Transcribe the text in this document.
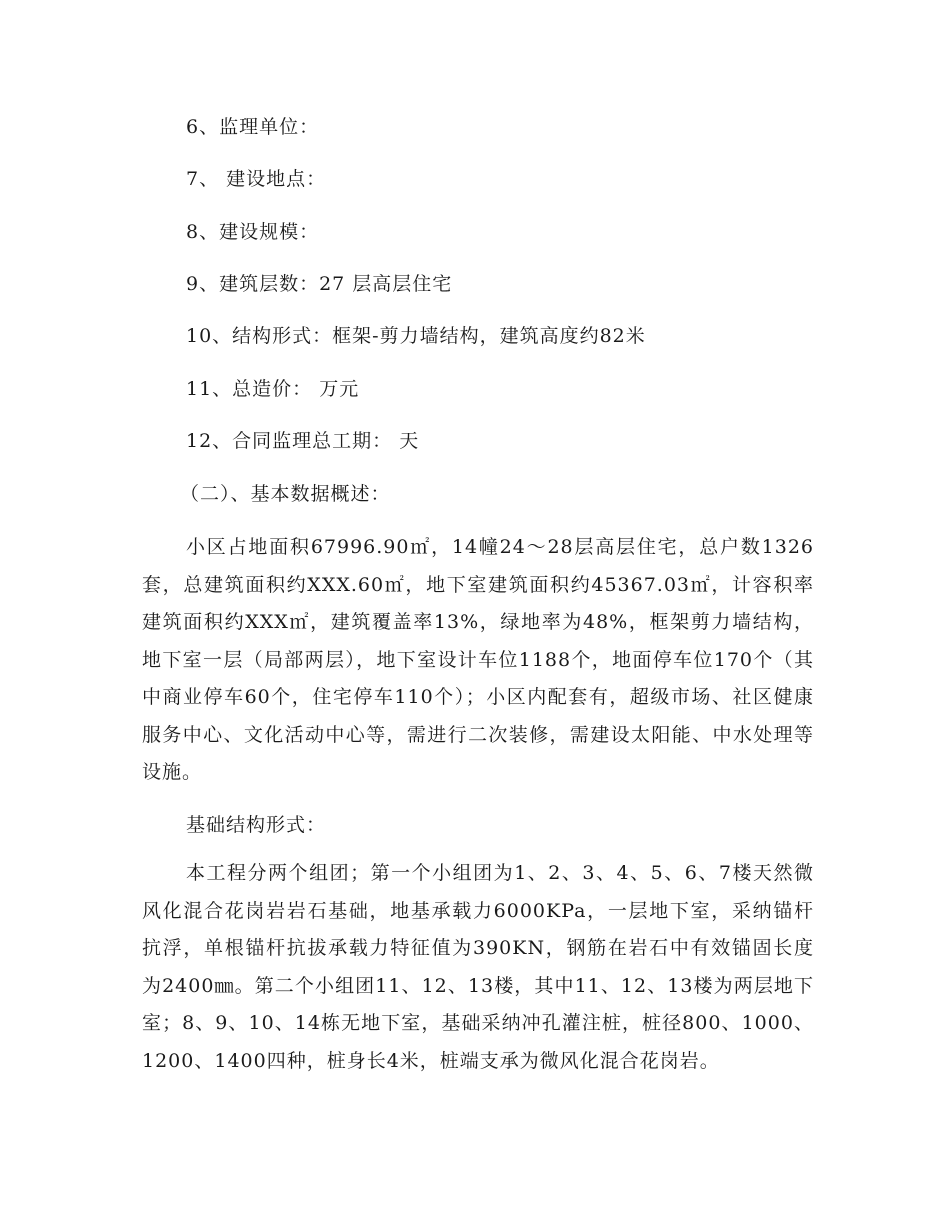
6、监理单位：
7、 建设地点：
8、建设规模：
9、建筑层数：27 层高层住宅
10、结构形式：框架-剪力墙结构，建筑高度约82米
11、总造价： 万元
12、合同监理总工期： 天
（二）、基本数据概述：
小区占地面积67996.90㎡，14幢24～28层高层住宅，总户数1326套，总建筑面积约XXX.60㎡，地下室建筑面积约45367.03㎡，计容积率建筑面积约XXX㎡，建筑覆盖率13%，绿地率为48%，框架剪力墙结构，地下室一层（局部两层），地下室设计车位1188个，地面停车位170个（其中商业停车60个，住宅停车110个）；小区内配套有，超级市场、社区健康服务中心、文化活动中心等，需进行二次装修，需建设太阳能、中水处理等设施。
基础结构形式：
本工程分两个组团；第一个小组团为1、2、3、4、5、6、7楼天然微风化混合花岗岩岩石基础，地基承载力6000KPa，一层地下室，采纳锚杆抗浮，单根锚杆抗拔承载力特征值为390KN，钢筋在岩石中有效锚固长度为2400㎜。第二个小组团11、12、13楼，其中11、12、13楼为两层地下室；8、9、10、14栋无地下室，基础采纳冲孔灌注桩，桩径800、1000、1200、1400四种，桩身长4米，桩端支承为微风化混合花岗岩。
